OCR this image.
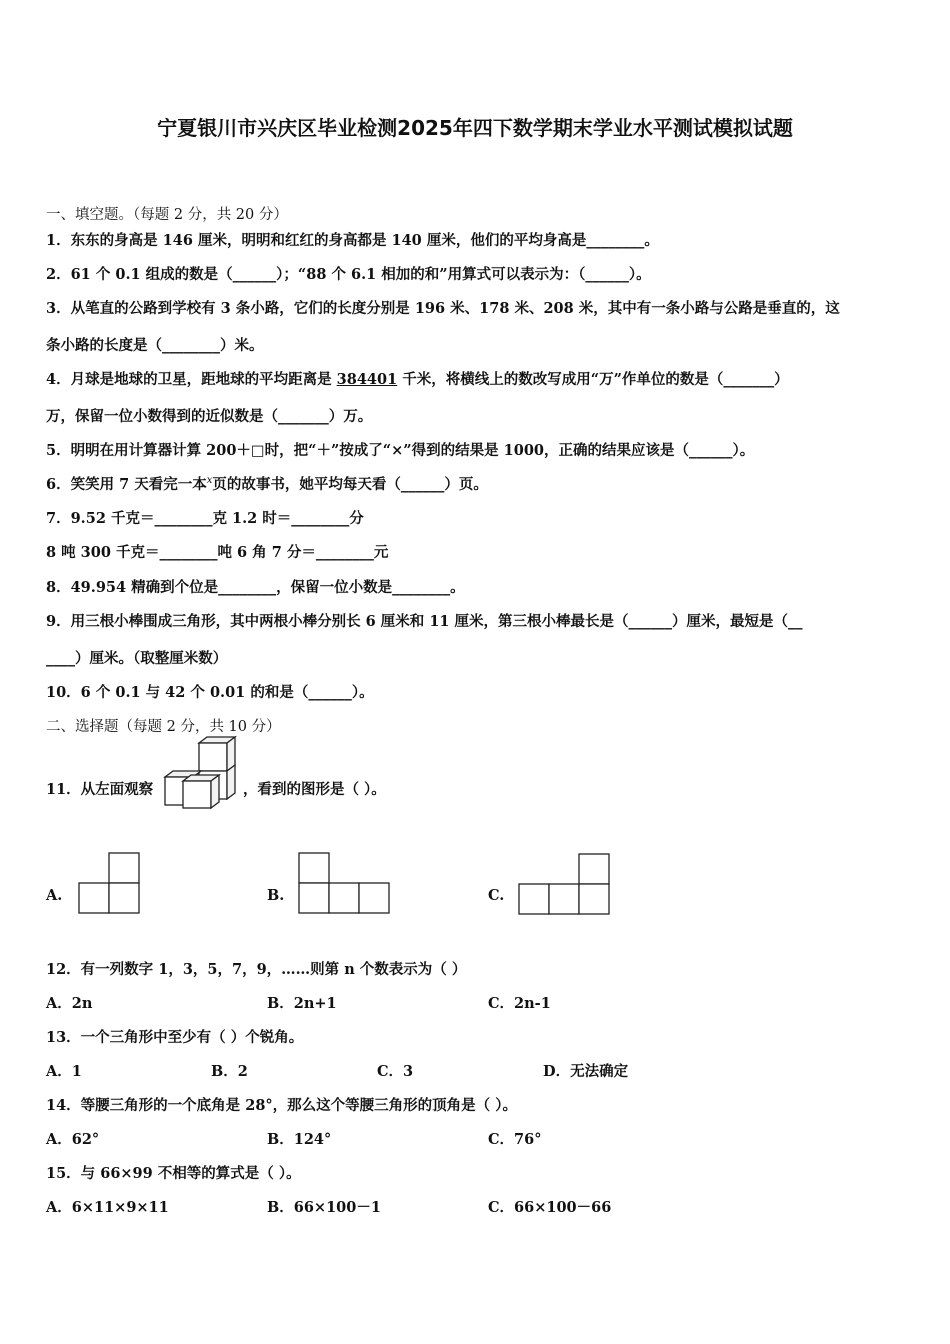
宁夏银川市兴庆区毕业检测2025年四下数学期末学业水平测试模拟试题
一、填空题。（每题 2 分，共 20 分）
1．东东的身高是 146 厘米，明明和红红的身高都是 140 厘米，他们的平均身高是________。
2．61 个 0.1 组成的数是（______）；“88 个 6.1 相加的和”用算式可以表示为：（______）。
3．从笔直的公路到学校有 3 条小路，它们的长度分别是 196 米、178 米、208 米，其中有一条小路与公路是垂直的，这
条小路的长度是（________）米。
4．月球是地球的卫星，距地球的平均距离是 384401 千米，将横线上的数改写成用“万”作单位的数是（_______）
万，保留一位小数得到的近似数是（_______）万。
5．明明在用计算器计算 200＋□时，把“＋”按成了“×”得到的结果是 1000，正确的结果应该是（______）。
6．笑笑用 7 天看完一本$^x$页的故事书，她平均每天看（______）页。
7．9.52 千克＝________克 1.2 时＝________分
8 吨 300 千克＝________吨 6 角 7 分＝________元
8．49.954 精确到个位是________，保留一位小数是________。
9．用三根小棒围成三角形，其中两根小棒分别长 6 厘米和 11 厘米，第三根小棒最长是（______）厘米，最短是（__
____）厘米。（取整厘米数）
10．6 个 0.1 与 42 个 0.01 的和是（______）。
二、选择题（每题 2 分，共 10 分）
11．从左面观察	，看到的图形是（ ）。
A.	B.	C.
12．有一列数字 1，3，5，7，9，……则第 n 个数表示为（ ）
A．2n	B．2n+1	C．2n-1
13．一个三角形中至少有（ ）个锐角。
A．1	B．2	C．3	D．无法确定
14．等腰三角形的一个底角是 28°，那么这个等腰三角形的顶角是（ ）。
A．62°	B．124°	C．76°
15．与 66×99 不相等的算式是（ ）。
A．6×11×9×11	B．66×100－1	C．66×100－66
